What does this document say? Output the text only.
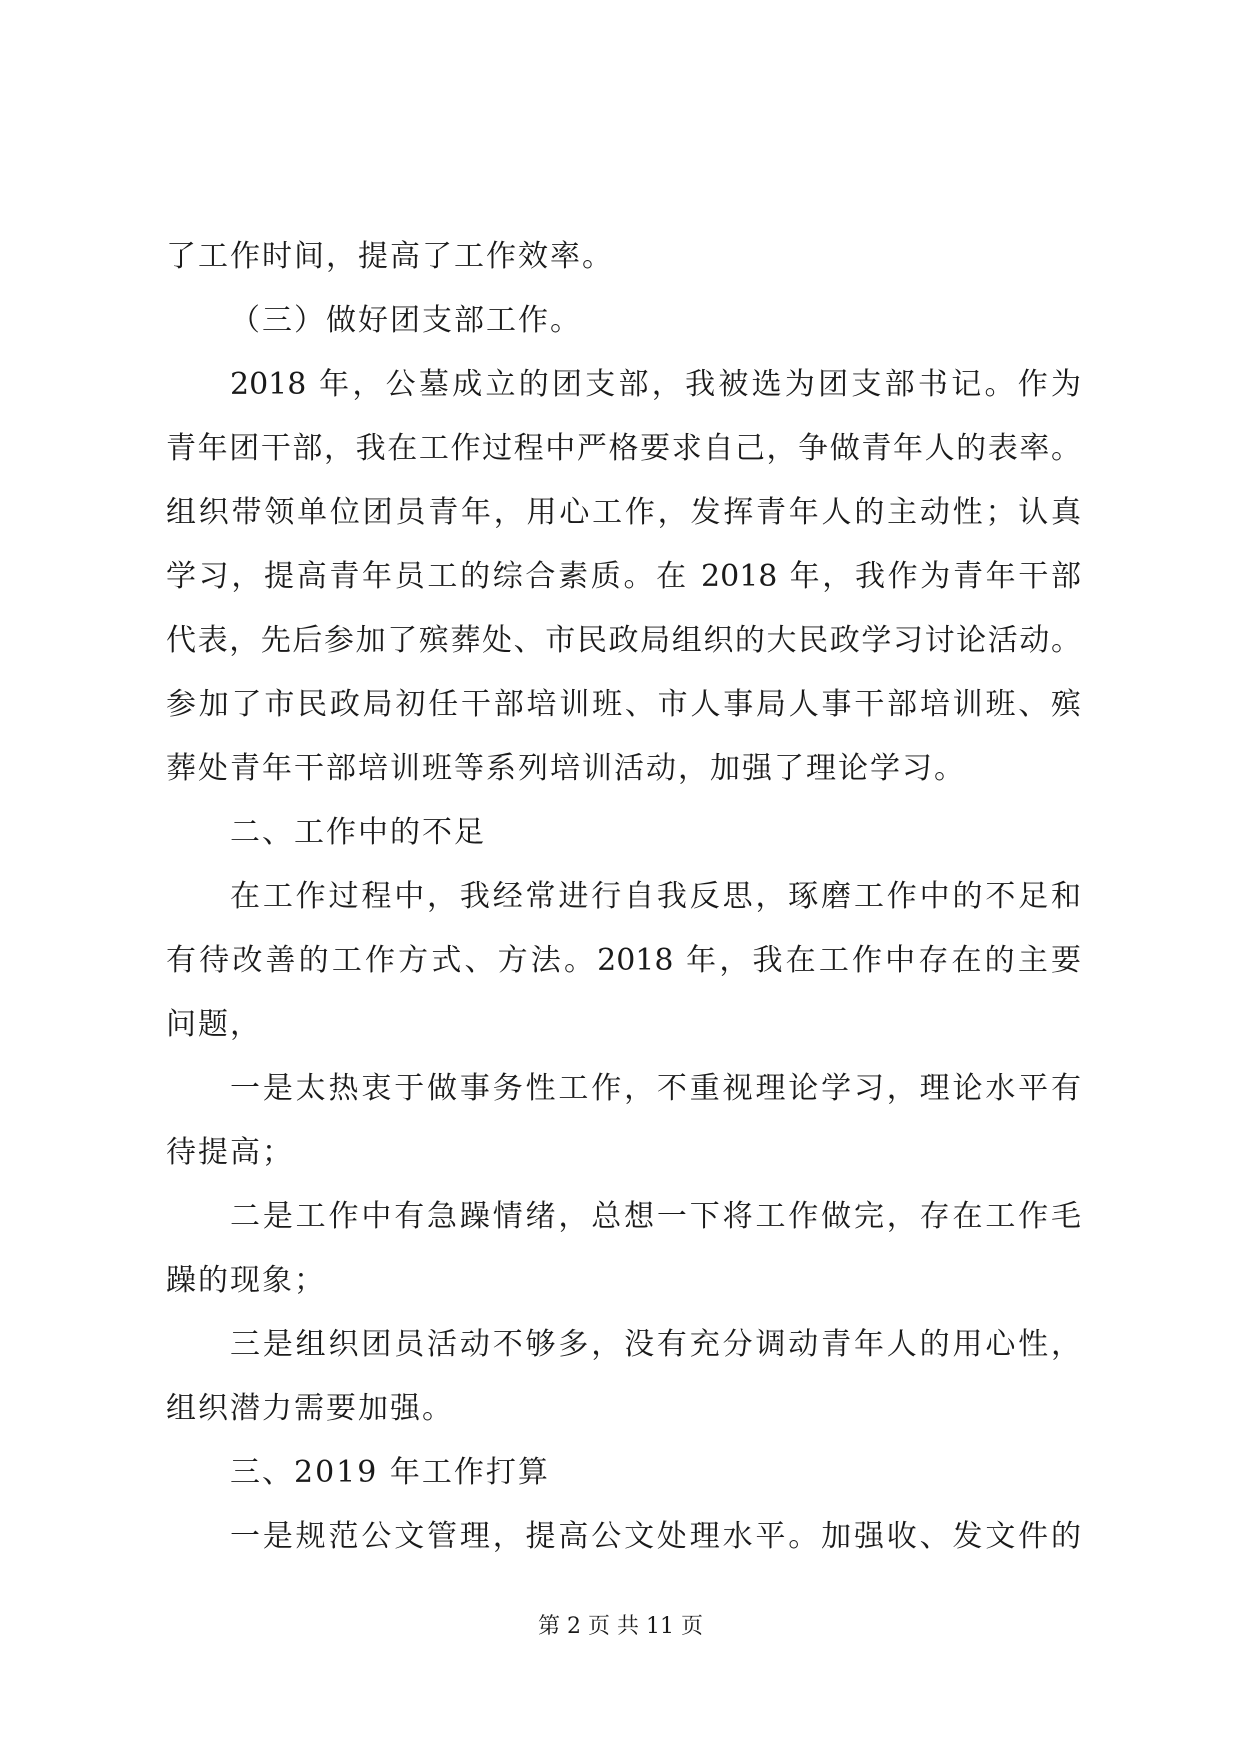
了工作时间，提高了工作效率。
（三）做好团支部工作。
2018 年，公墓成立的团支部，我被选为团支部书记。作为
青年团干部，我在工作过程中严格要求自己，争做青年人的表率。
组织带领单位团员青年，用心工作，发挥青年人的主动性；认真
学习，提高青年员工的综合素质。在 2018 年，我作为青年干部
代表，先后参加了殡葬处、市民政局组织的大民政学习讨论活动。
参加了市民政局初任干部培训班、市人事局人事干部培训班、殡
葬处青年干部培训班等系列培训活动，加强了理论学习。
二、工作中的不足
在工作过程中，我经常进行自我反思，琢磨工作中的不足和
有待改善的工作方式、方法。2018 年，我在工作中存在的主要
问题，
一是太热衷于做事务性工作，不重视理论学习，理论水平有
待提高；
二是工作中有急躁情绪，总想一下将工作做完，存在工作毛
躁的现象；
三是组织团员活动不够多，没有充分调动青年人的用心性，
组织潜力需要加强。
三、2019 年工作打算
一是规范公文管理，提高公文处理水平。加强收、发文件的
第 2 页 共 11 页
